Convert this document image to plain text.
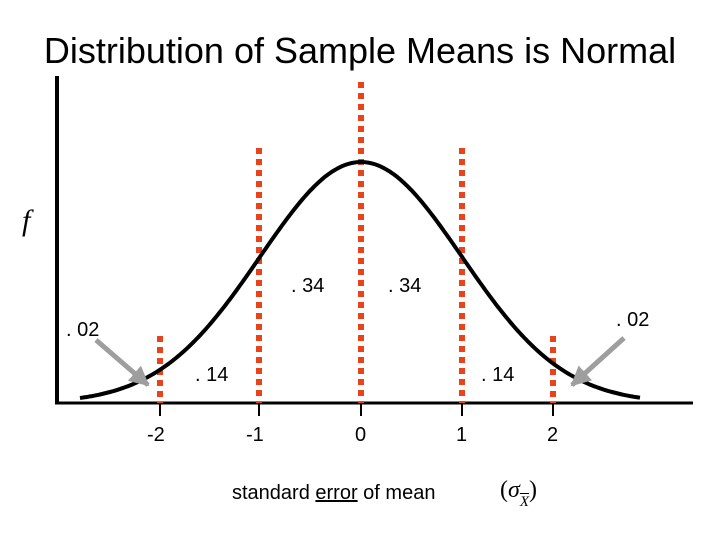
Distribution of Sample Means is Normal
f
. 34	. 34
. 14	. 14
. 02	. 02
-2	-1	0	1	2
standard error of mean	$(\sigma_{\overline{X}})$
